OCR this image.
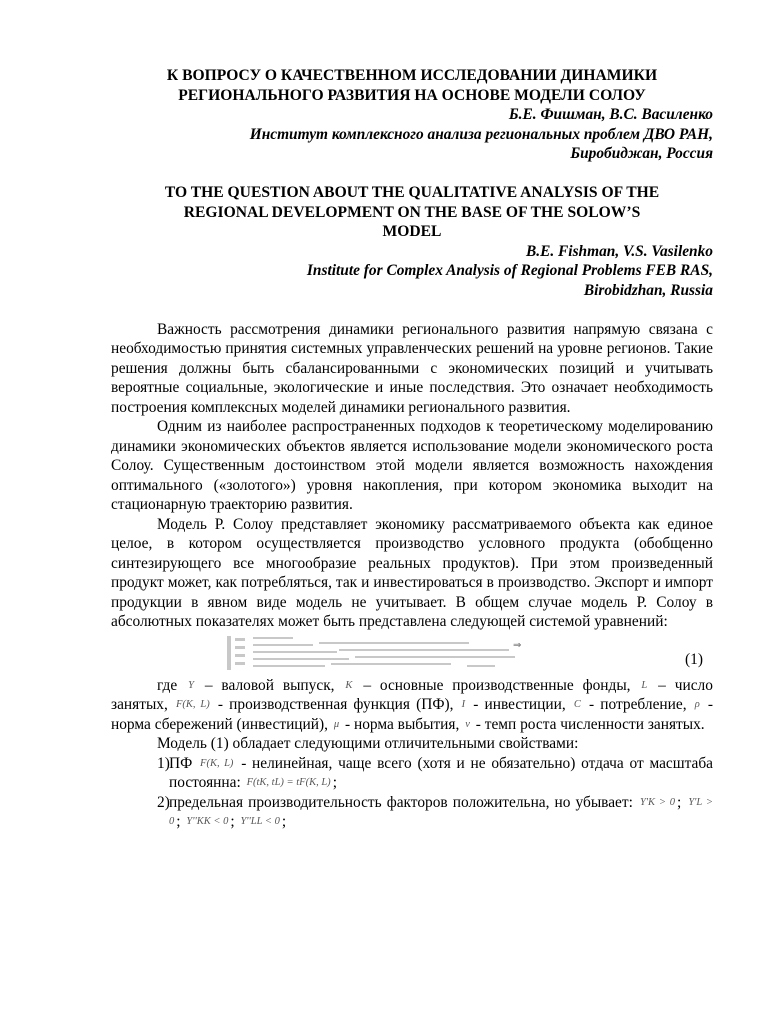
К ВОПРОСУ О КАЧЕСТВЕННОМ ИССЛЕДОВАНИИ ДИНАМИКИ
РЕГИОНАЛЬНОГО РАЗВИТИЯ НА ОСНОВЕ МОДЕЛИ СОЛОУ
Б.Е. Фишман, В.С. Василенко
Институт комплексного анализа региональных проблем ДВО РАН,
Биробиджан, Россия
TO THE QUESTION ABOUT THE QUALITATIVE ANALYSIS OF THE
REGIONAL DEVELOPMENT ON THE BASE OF THE SOLOW’S
MODEL
B.E. Fishman, V.S. Vasilenko
Institute for Complex Analysis of Regional Problems FEB RAS,
Birobidzhan, Russia

Важность рассмотрения динамики регионального развития напрямую связана с необходимостью принятия системных управленческих решений на уровне регионов. Такие решения должны быть сбалансированными с экономических позиций и учитывать вероятные социальные, экологические и иные последствия. Это означает необходимость построения комплексных моделей динамики регионального развития.

Одним из наиболее распространенных подходов к теоретическому моделированию динамики экономических объектов является использование модели экономического роста Солоу. Существенным достоинством этой модели является возможность нахождения оптимального («золотого») уровня накопления, при котором экономика выходит на стационарную траекторию развития.

Модель Р. Солоу представляет экономику рассматриваемого объекта как единое целое, в котором осуществляется производство условного продукта (обобщенно синтезирующего все многообразие реальных продуктов). При этом произведенный продукт может, как потребляться, так и инвестироваться в производство. Экспорт и импорт продукции в явном виде модель не учитывает. В общем случае модель Р. Солоу в абсолютных показателях может быть представлена следующей системой уравнений:

⇒
(1)

где Y – валовой выпуск, K – основные производственные фонды, L – число занятых, F(K, L) - производственная функция (ПФ), I - инвестиции, C - потребление, ρ - норма сбережений (инвестиций), μ - норма выбытия, ν - темп роста численности занятых.

Модель (1) обладает следующими отличительными свойствами:

1) ПФ F(K, L) - нелинейная, чаще всего (хотя и не обязательно) отдача от масштаба постоянна: F(tK, tL) = tF(K, L) ;
2) предельная производительность факторов положительна, но убывает: Y'K > 0 ; Y'L > 0 ; Y''KK < 0 ; Y''LL < 0 ;
